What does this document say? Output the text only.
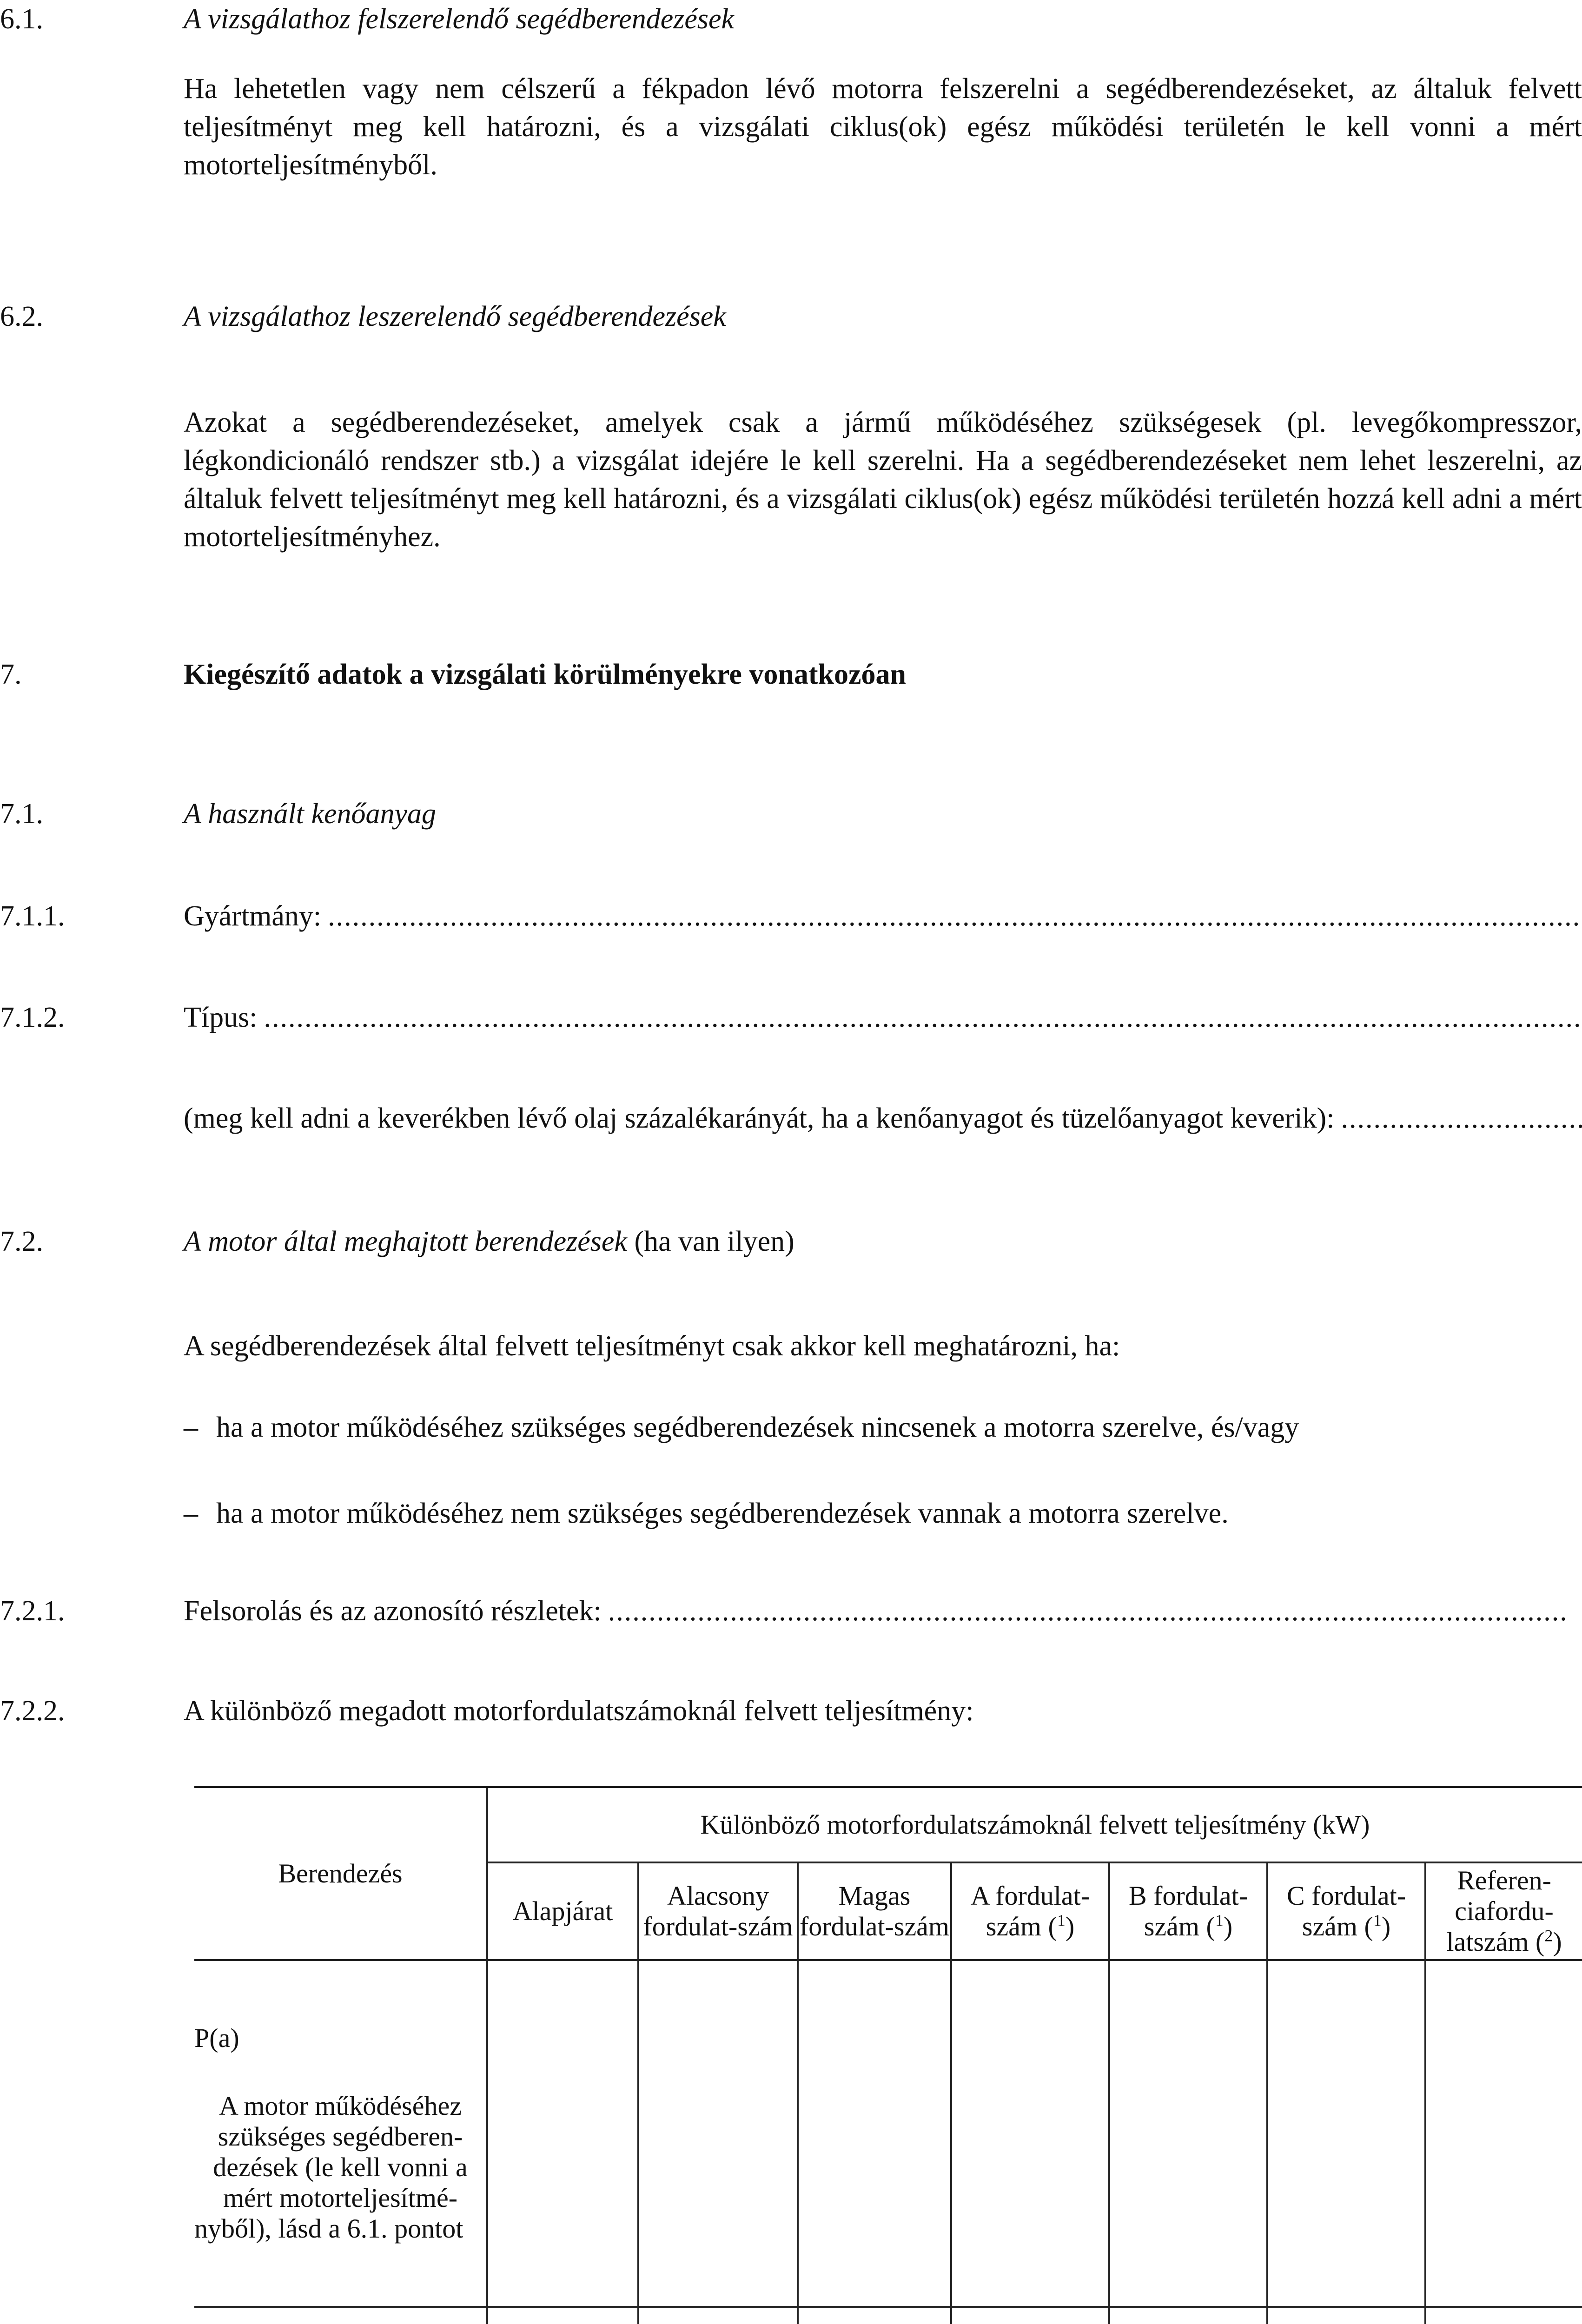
6.1.	A vizsgálathoz felszerelendő segédberendezések
Ha lehetetlen vagy nem célszerű a fékpadon lévő motorra felszerelni a segédberendezéseket, az általuk felvett teljesítményt meg kell határozni, és a vizsgálati ciklus(ok) egész működési területén le kell vonni a mért motorteljesítményből.
6.2.	A vizsgálathoz leszerelendő segédberendezések
Azokat a segédberendezéseket, amelyek csak a jármű működéséhez szükségesek (pl. levegőkompresszor, légkondicionáló rendszer stb.) a vizsgálat idejére le kell szerelni. Ha a segédberendezéseket nem lehet leszerelni, az általuk felvett teljesítményt meg kell határozni, és a vizsgálati ciklus(ok) egész működési területén hozzá kell adni a mért motorteljesítményhez.
7.	Kiegészítő adatok a vizsgálati körülményekre vonatkozóan
7.1.	A használt kenőanyag
7.1.1.	Gyártmány:
.....
7.1.2.	Típus:
.....
(meg kell adni a keverékben lévő olaj százalékarányát, ha a kenőanyagot és tüzelőanyagot keverik):
.....
7.2.	A motor által meghajtott berendezések (ha van ilyen)
A segédberendezések által felvett teljesítményt csak akkor kell meghatározni, ha:
– ha a motor működéséhez szükséges segédberendezések nincsenek a motorra szerelve, és/vagy
– ha a motor működéséhez nem szükséges segédberendezések vannak a motorra szerelve.
7.2.1.	Felsorolás és az azonosító részletek:
.....
7.2.2.	A különböző megadott motorfordulatszámoknál felvett teljesítmény:
Berendezés	Különböző motorfordulatszámoknál felvett teljesítmény (kW)						
	Alapjárat	Alacsony fordulat-szám	Magas fordulat-szám	A fordulat-szám ($^1$)	B fordulat-szám ($^1$)	C fordulat-szám ($^1$)	Referen-ciafordu-latszám ($^2$)

P(a)
A motor működéséhez szükséges segédberen-dezések (le kell vonni a mért motorteljesítmé-nyből), lásd a 6.1. pontot							
